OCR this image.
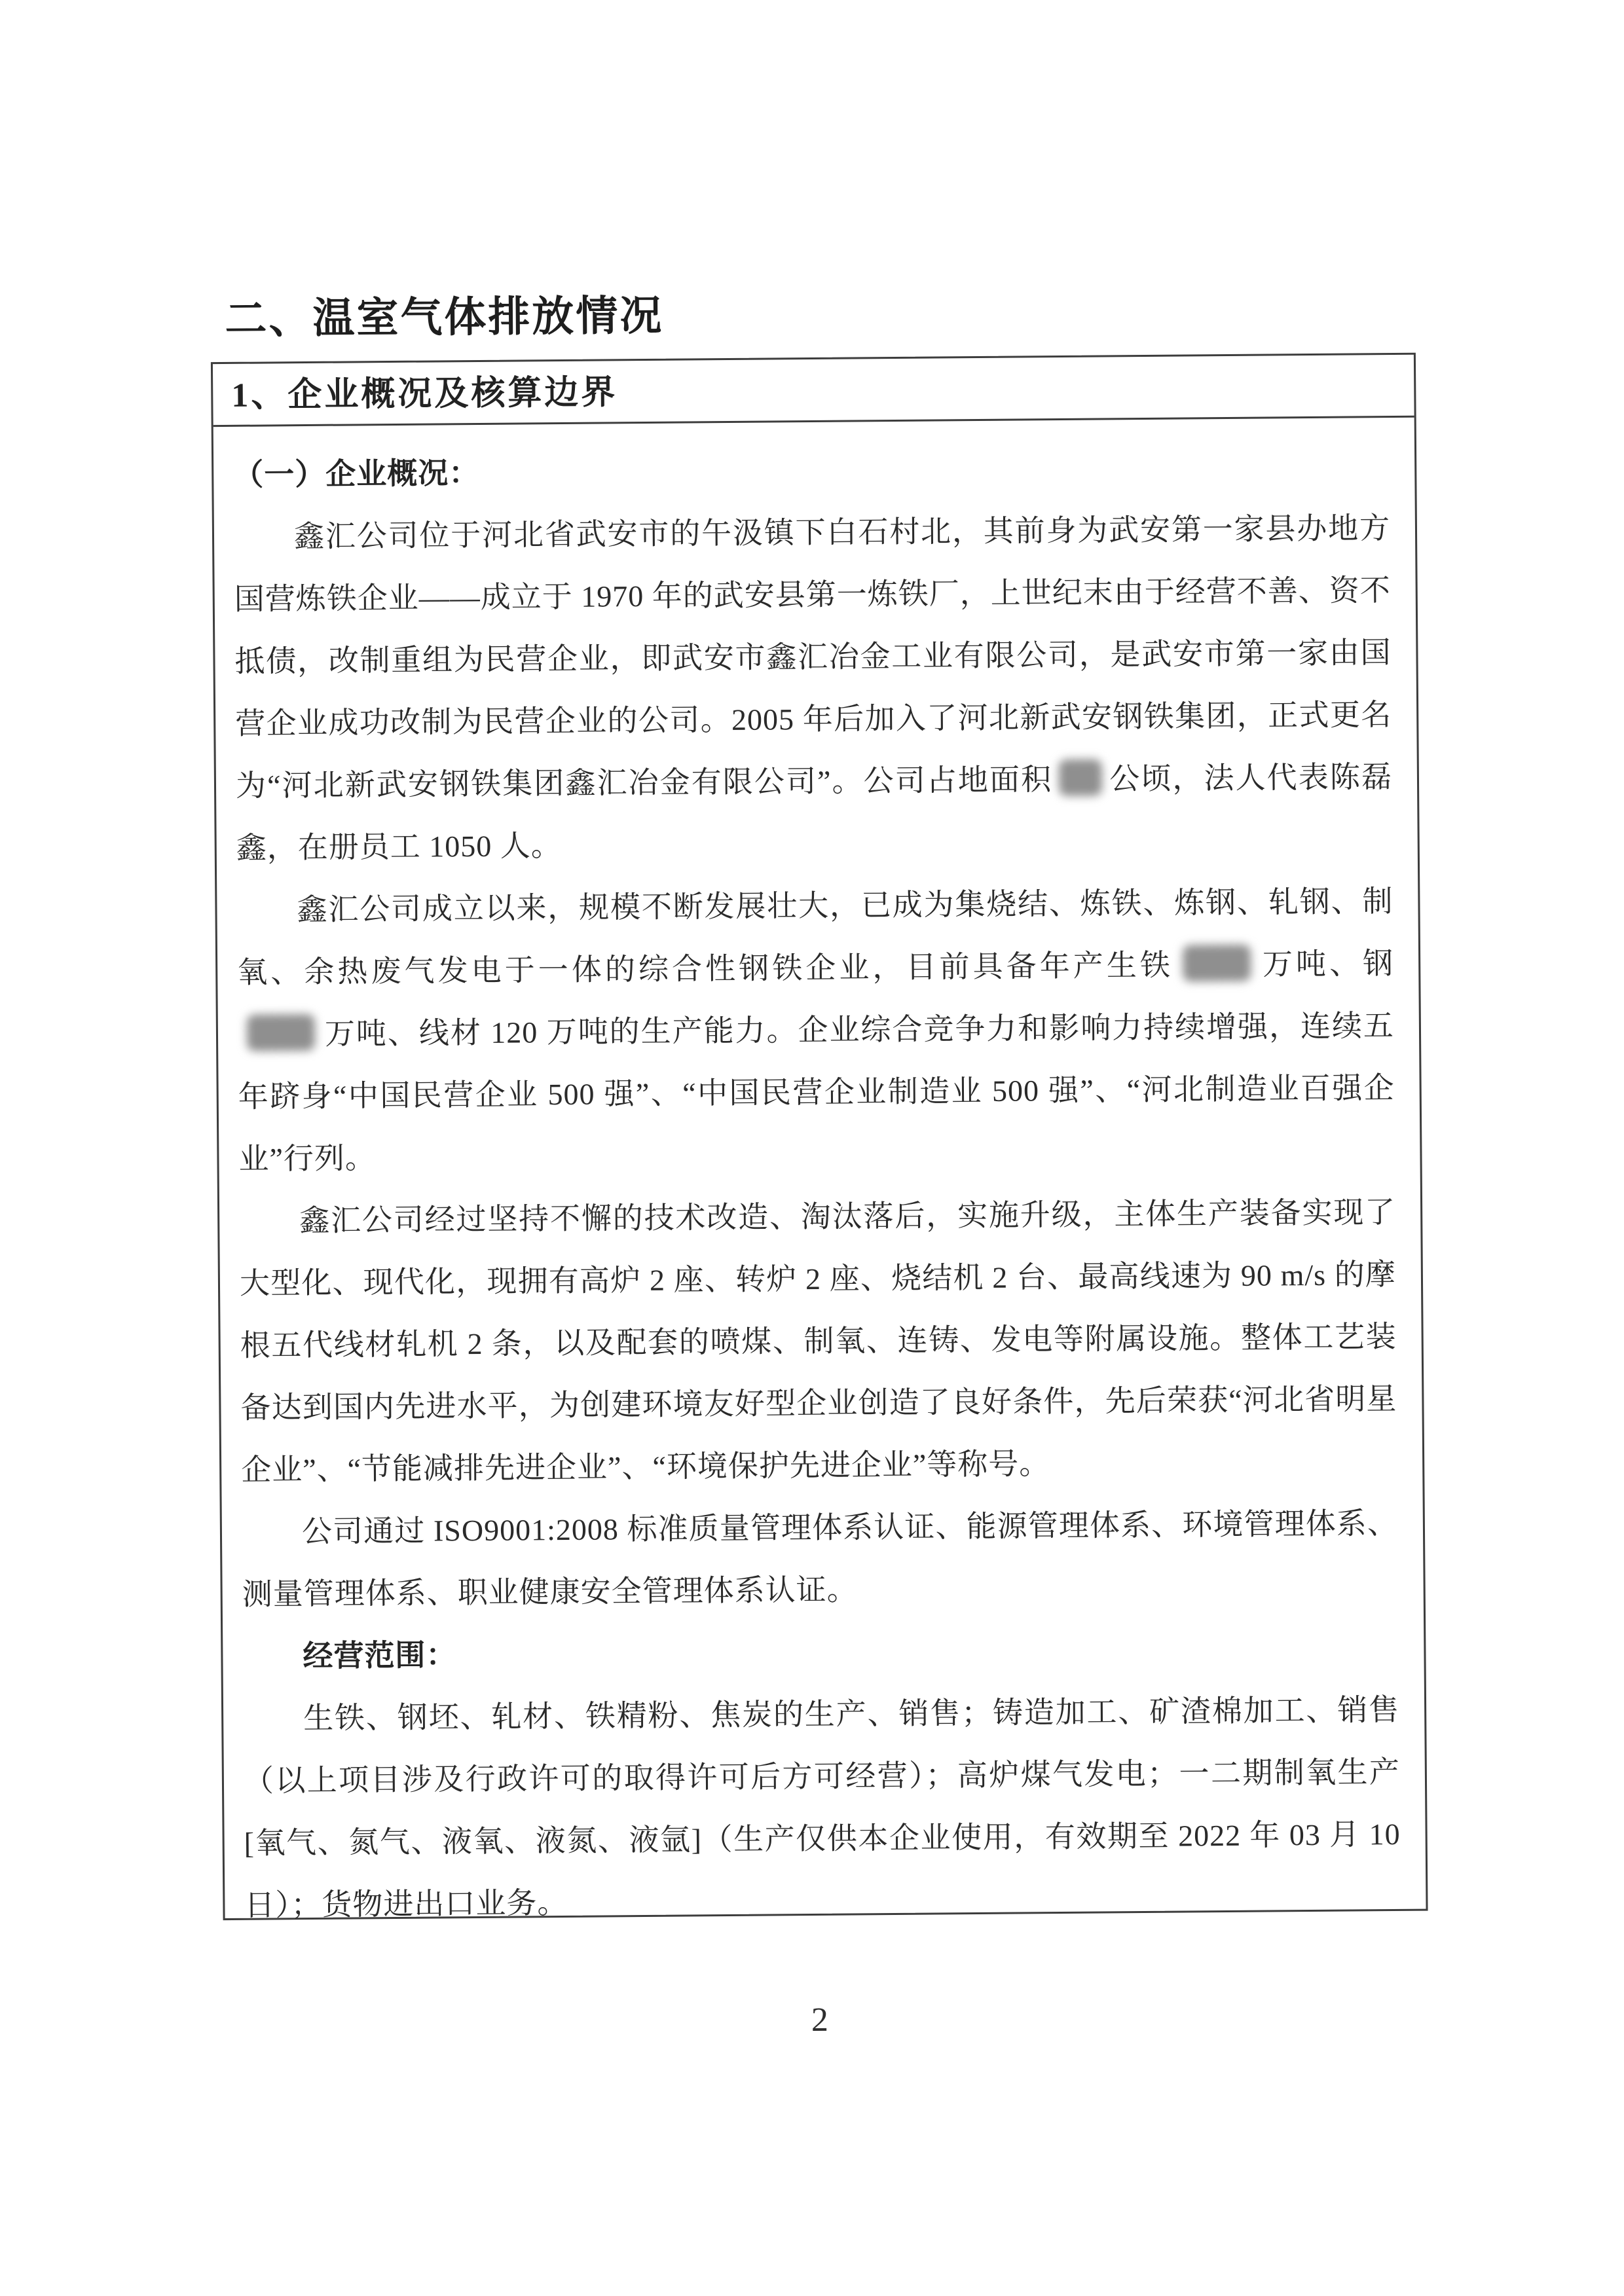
二、温室气体排放情况
1、企业概况及核算边界

（一）企业概况：

鑫汇公司位于河北省武安市的午汲镇下白石村北，其前身为武安第一家县办地方国营炼铁企业——成立于 1970 年的武安县第一炼铁厂，上世纪末由于经营不善、资不抵债，改制重组为民营企业，即武安市鑫汇冶金工业有限公司，是武安市第一家由国营企业成功改制为民营企业的公司。2005 年后加入了河北新武安钢铁集团，正式更名为“河北新武安钢铁集团鑫汇冶金有限公司”。公司占地面积 公顷，法人代表陈磊鑫，在册员工 1050 人。

鑫汇公司成立以来，规模不断发展壮大，已成为集烧结、炼铁、炼钢、轧钢、制氧、余热废气发电于一体的综合性钢铁企业，目前具备年产生铁	万吨、钢万吨、线材 120 万吨的生产能力。企业综合竞争力和影响力持续增强，连续五年跻身“中国民营企业 500 强”、“中国民营企业制造业 500 强”、“河北制造业百强企业”行列。

鑫汇公司经过坚持不懈的技术改造、淘汰落后，实施升级，主体生产装备实现了大型化、现代化，现拥有高炉 2 座、转炉 2 座、烧结机 2 台、最高线速为 90 m/s 的摩根五代线材轧机 2 条，以及配套的喷煤、制氧、连铸、发电等附属设施。整体工艺装备达到国内先进水平，为创建环境友好型企业创造了良好条件，先后荣获“河北省明星企业”、“节能减排先进企业”、“环境保护先进企业”等称号。

公司通过 ISO9001:2008 标准质量管理体系认证、能源管理体系、环境管理体系、测量管理体系、职业健康安全管理体系认证。

经营范围：

生铁、钢坯、轧材、铁精粉、焦炭的生产、销售；铸造加工、矿渣棉加工、销售（以上项目涉及行政许可的取得许可后方可经营）；高炉煤气发电；一二期制氧生产[氧气、氮气、液氧、液氮、液氩]（生产仅供本企业使用，有效期至 2022 年 03 月 10 日）；货物进出口业务。

2
